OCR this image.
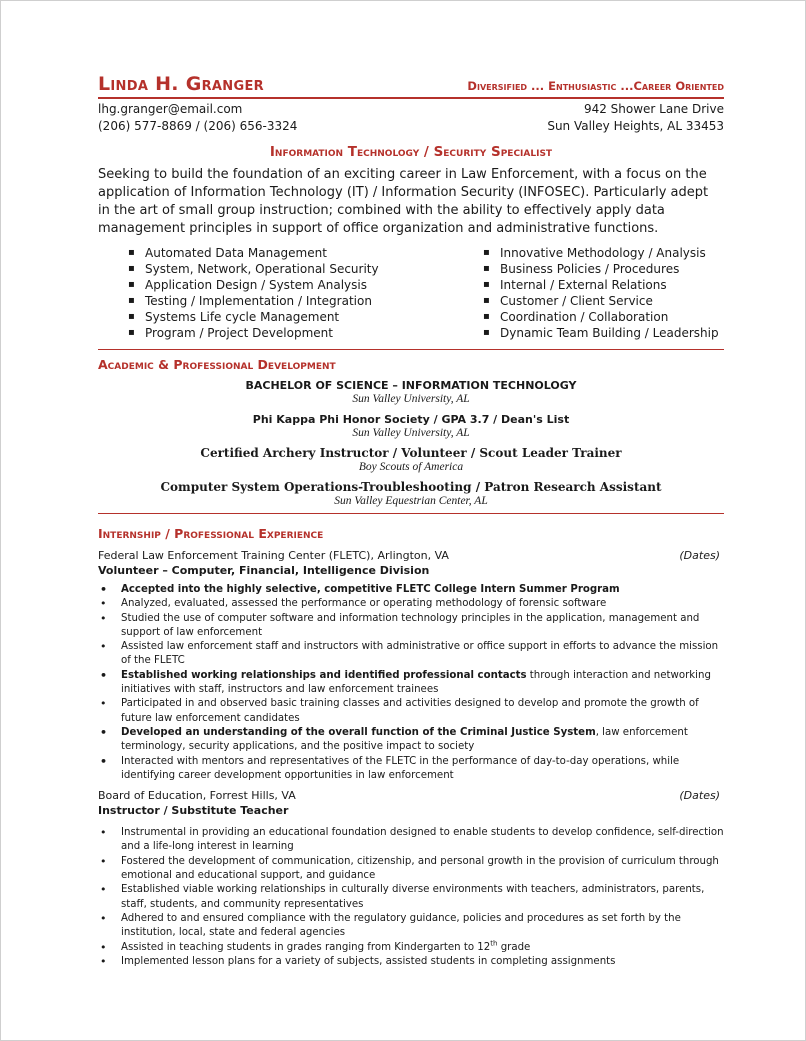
Linda H. Granger	Diversified ... Enthusiastic ...Career Oriented
lhg.granger@email.com
(206) 577-8869 / (206) 656-3324
942 Shower Lane Drive
Sun Valley Heights, AL 33453
Information Technology / Security Specialist
Seeking to build the foundation of an exciting career in Law Enforcement, with a focus on the application of Information Technology (IT) / Information Security (INFOSEC). Particularly adept in the art of small group instruction; combined with the ability to effectively apply data management principles in support of office organization and administrative functions.
▪ Automated Data Management
▪ System, Network, Operational Security
▪ Application Design / System Analysis
▪ Testing / Implementation / Integration
▪ Systems Life cycle Management
▪ Program / Project Development
▪ Innovative Methodology / Analysis
▪ Business Policies / Procedures
▪ Internal / External Relations
▪ Customer / Client Service
▪ Coordination / Collaboration
▪ Dynamic Team Building / Leadership
Academic & Professional Development
BACHELOR OF SCIENCE – INFORMATION TECHNOLOGY
Sun Valley University, AL
Phi Kappa Phi Honor Society / GPA 3.7 / Dean's List
Sun Valley University, AL
Certified Archery Instructor / Volunteer / Scout Leader Trainer
Boy Scouts of America
Computer System Operations-Troubleshooting / Patron Research Assistant
Sun Valley Equestrian Center, AL
Internship / Professional Experience
Federal Law Enforcement Training Center (FLETC), Arlington, VA	(Dates)
Volunteer – Computer, Financial, Intelligence Division
• Accepted into the highly selective, competitive FLETC College Intern Summer Program
• Analyzed, evaluated, assessed the performance or operating methodology of forensic software
• Studied the use of computer software and information technology principles in the application, management and support of law enforcement
• Assisted law enforcement staff and instructors with administrative or office support in efforts to advance the mission of the FLETC
• Established working relationships and identified professional contacts through interaction and networking initiatives with staff, instructors and law enforcement trainees
• Participated in and observed basic training classes and activities designed to develop and promote the growth of future law enforcement candidates
• Developed an understanding of the overall function of the Criminal Justice System, law enforcement terminology, security applications, and the positive impact to society
• Interacted with mentors and representatives of the FLETC in the performance of day-to-day operations, while identifying career development opportunities in law enforcement
Board of Education, Forrest Hills, VA	(Dates)
Instructor / Substitute Teacher
• Instrumental in providing an educational foundation designed to enable students to develop confidence, self-direction and a life-long interest in learning
• Fostered the development of communication, citizenship, and personal growth in the provision of curriculum through emotional and educational support, and guidance
• Established viable working relationships in culturally diverse environments with teachers, administrators, parents, staff, students, and community representatives
• Adhered to and ensured compliance with the regulatory guidance, policies and procedures as set forth by the institution, local, state and federal agencies
• Assisted in teaching students in grades ranging from Kindergarten to 12th grade
• Implemented lesson plans for a variety of subjects, assisted students in completing assignments
